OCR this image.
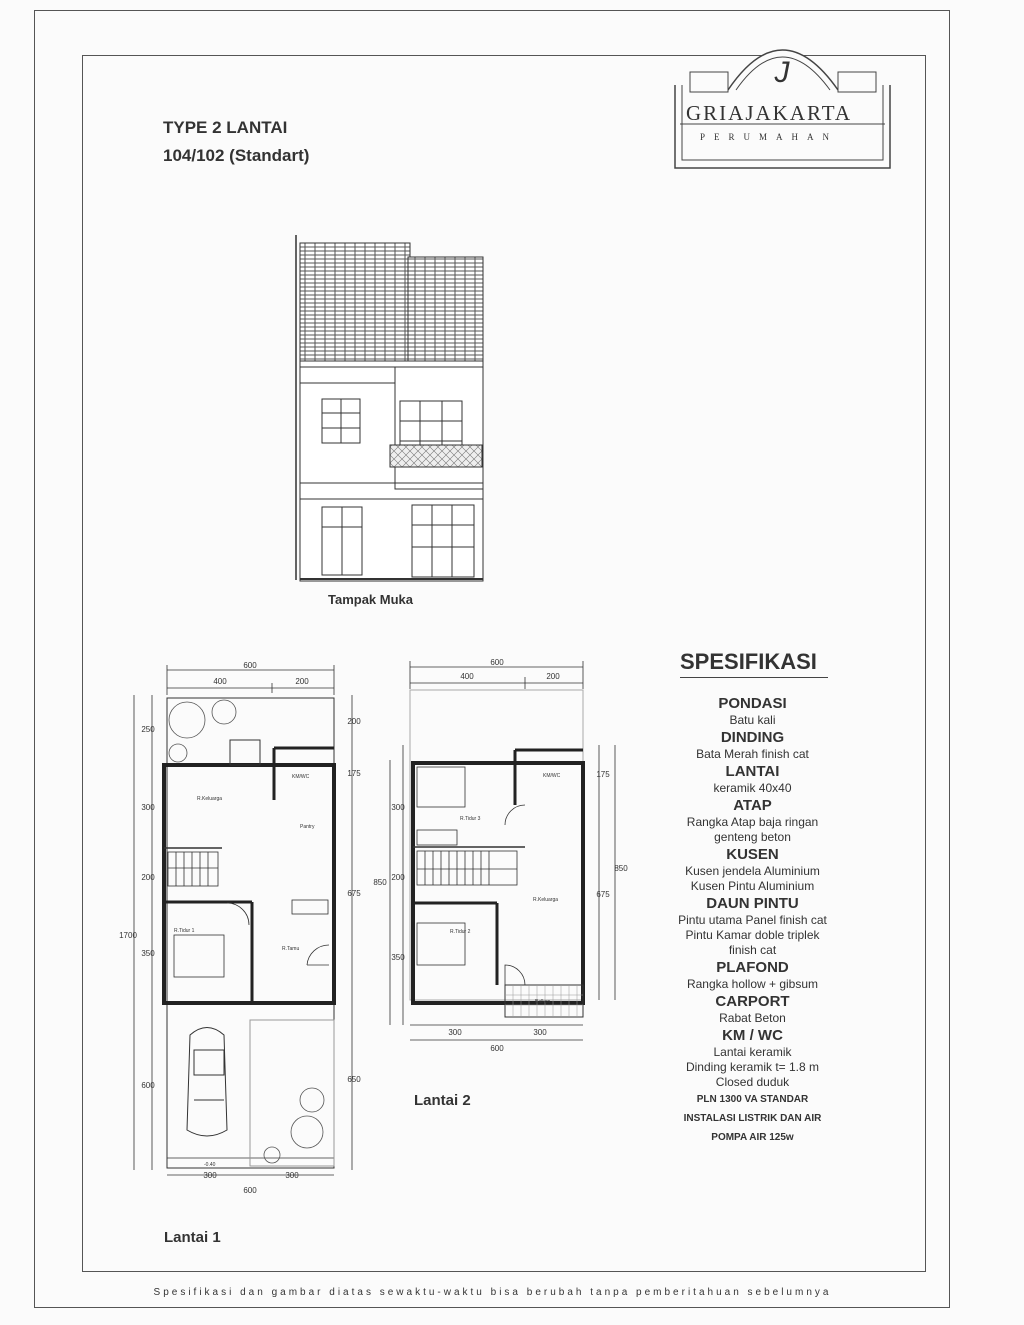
TYPE 2 LANTAI
104/102 (Standart)
J
GRIAJAKARTA
PERUMAHAN
Tampak Muka
600
400	200
1700
250
300
200
350
600
200
175
675
650
300	300
600
R.Keluarga
KM/WC
Pantry
R.Tidur 1
R.Tamu
-0.40
Lantai 1
600
400	200
300
200
350
850
175
675
850
300	300
600
R.Tidur 3
R.Keluarga
R.Tidur 2
Balkon
KM/WC
Lantai 2
SPESIFIKASI
PONDASI
Batu kali
DINDING
Bata Merah finish cat
LANTAI
keramik 40x40
ATAP
Rangka Atap baja ringan
genteng beton
KUSEN
Kusen jendela Aluminium
Kusen Pintu Aluminium
DAUN PINTU
Pintu utama Panel finish cat
Pintu Kamar doble triplek
finish cat
PLAFOND
Rangka hollow + gibsum
CARPORT
Rabat Beton
KM / WC
Lantai keramik
Dinding keramik t= 1.8 m
Closed duduk
PLN 1300 VA STANDAR
INSTALASI LISTRIK DAN AIR
POMPA AIR 125w
Spesifikasi dan gambar diatas sewaktu-waktu bisa berubah tanpa pemberitahuan sebelumnya
